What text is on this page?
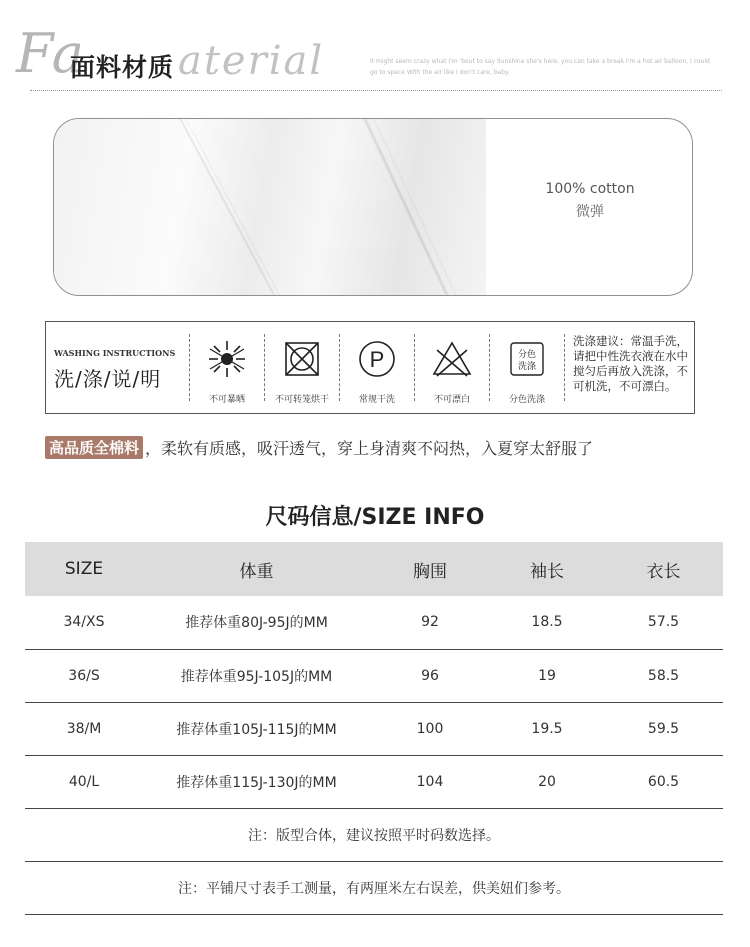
Fa aterial
面料材质	It might seem crazy what I'm 'bout to say Sunshine she's here, you can take a break I'm a hot air balloon, I could go to space With the air like I don't care, baby.

100% cotton
微弹
WASHING INSTRUCTIONS
洗/涤/说/明
不可暴晒	不可转笼烘干
P
常规干洗	不可漂白
分色
洗涤
分色洗涤
洗涤建议：常温手洗，请把中性洗衣液在水中搅匀后再放入洗涤，不可机洗，不可漂白。
高品质全棉料 ，柔软有质感，吸汗透气，穿上身清爽不闷热，入夏穿太舒服了
尺码信息/SIZE INFO
SIZE	体重	胸围	袖长	衣长
34/XS	推荐体重80J-95J的MM	92	18.5	57.5
36/S	推荐体重95J-105J的MM	96	19	58.5
38/M	推荐体重105J-115J的MM	100	19.5	59.5
40/L	推荐体重115J-130J的MM	104	20	60.5
注：版型合体，建议按照平时码数选择。				
注：平铺尺寸表手工测量，有两厘米左右误差，供美妞们参考。				
